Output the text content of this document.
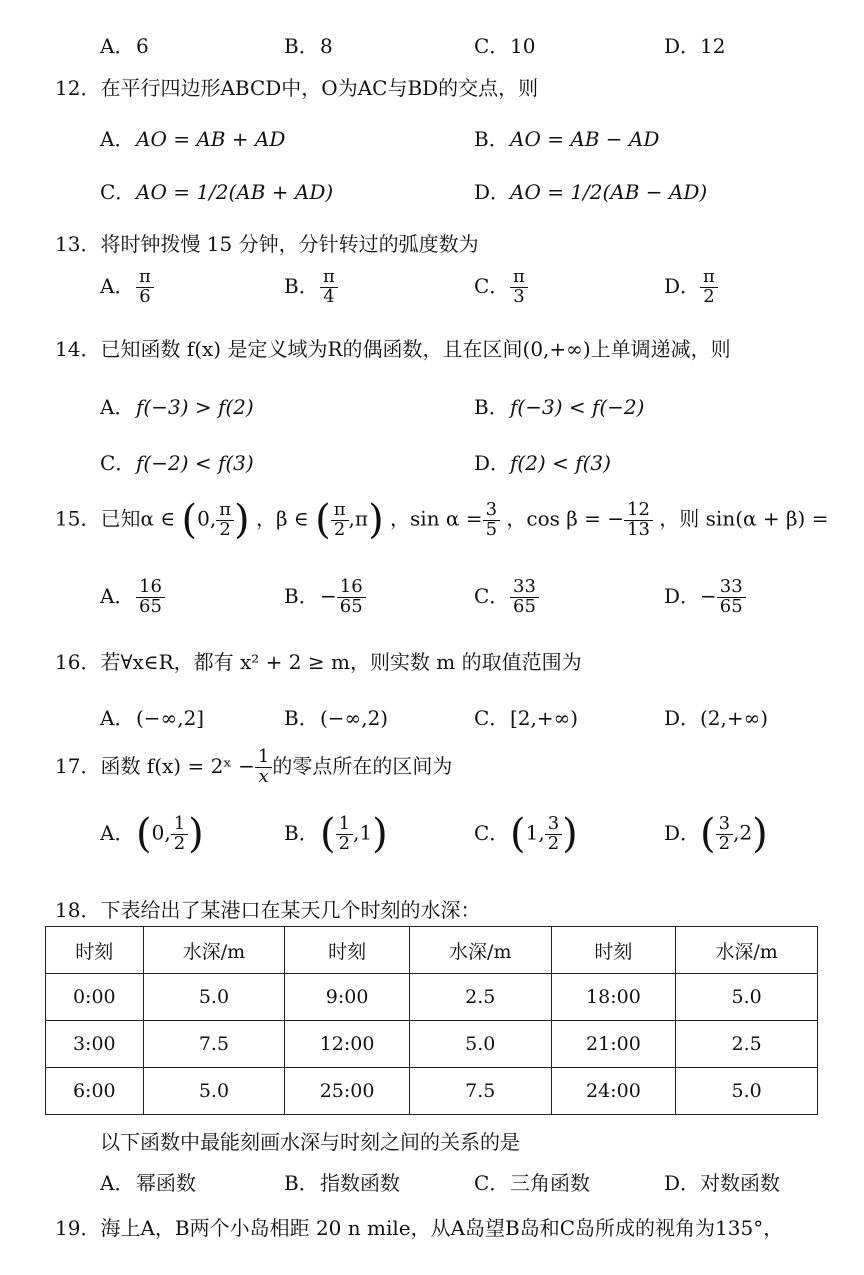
A．6	B．8	C．10	D．12
12．在平行四边形ABCD中，O为AC与BD的交点，则
A．AO = AB + AD	B．AO = AB − AD
C．AO = 1/2(AB + AD)	D．AO = 1/2(AB − AD)
13．将时钟拨慢 15 分钟，分针转过的弧度数为
A． $\frac{\pi}{6}$	B． $\frac{\pi}{4}$	C． $\frac{\pi}{3}$	D． $\frac{\pi}{2}$
14．已知函数 f(x) 是定义域为R的偶函数，且在区间(0,+∞)上单调递减，则
A．f(−3) > f(2)	B．f(−3) < f(−2)
C．f(−2) < f(3)	D．f(2) < f(3)
15．已知α ∈ (0, $\frac{\pi}{2}$ ) ，β ∈ ( $\frac{\pi}{2} ,\pi$) ，$\sin \alpha = \frac{3}{5}$ ，cos β = − $\frac{12}{13}$ ，则 sin(α + β) =
A． $\frac{16}{65}$	B．− $\frac{16}{65}$	C． $\frac{33}{65}$	D．− $\frac{33}{65}$
16．若∀x∈R，都有 x² + 2 ≥ m，则实数 m 的取值范围为
A．(−∞,2]	B．(−∞,2)	C．[2,+∞)	D．(2,+∞)
17．函数 f(x) = 2ˣ − $\frac{1}{x}$ 的零点所在的区间为
A．(0, $\frac{1}{2}$ )	B．( $\frac{1}{2} ,1$)	C．(1, $\frac{3}{2}$ )	D．( $\frac{3}{2} ,2$)
18．下表给出了某港口在某天几个时刻的水深：
时刻	水深/m	时刻	水深/m	时刻	水深/m
0:00	5.0	9:00	2.5	18:00	5.0
3:00	7.5	12:00	5.0	21:00	2.5
6:00	5.0	25:00	7.5	24:00	5.0
以下函数中最能刻画水深与时刻之间的关系的是
A．幂函数	B．指数函数	C．三角函数	D．对数函数
19．海上A，B两个小岛相距 20 n mile，从A岛望B岛和C岛所成的视角为135°，
